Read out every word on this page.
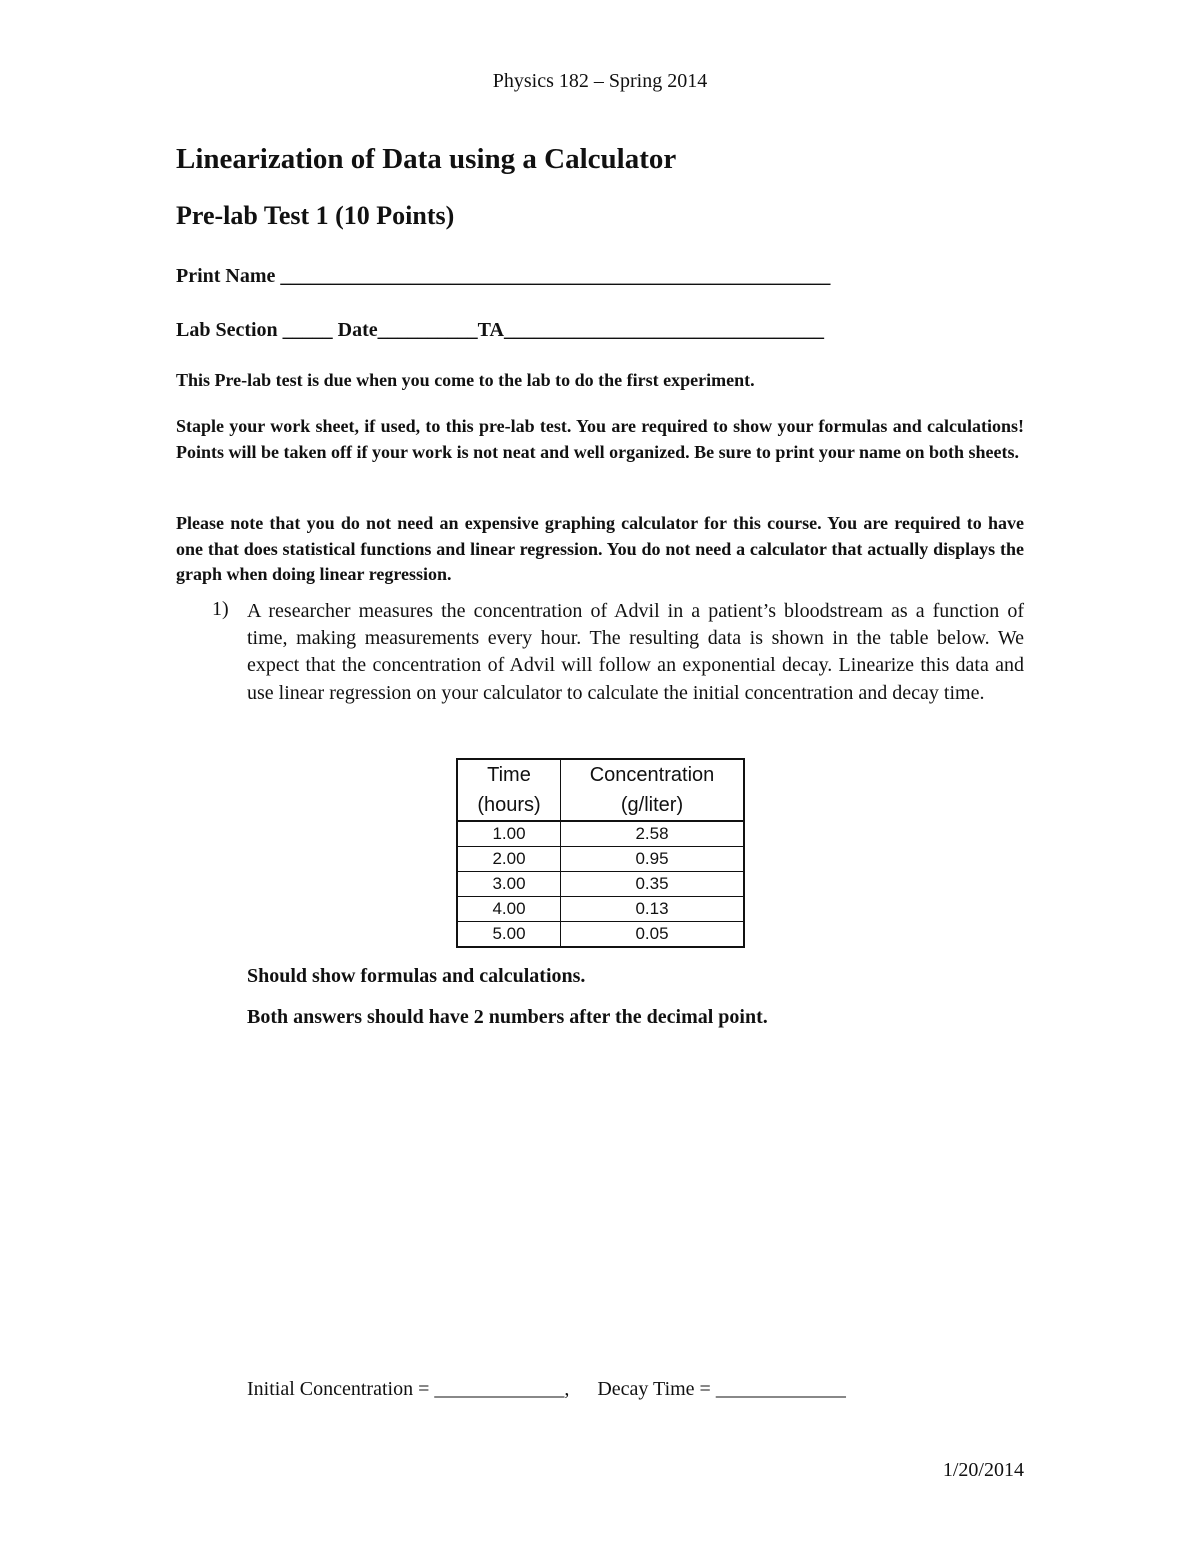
Physics 182 – Spring 2014
Linearization of Data using a Calculator
Pre-lab Test 1 (10 Points)
Print Name _______________________________________________________
Lab Section _____ Date__________TA________________________________
This Pre-lab test is due when you come to the lab to do the first experiment.
Staple your work sheet, if used, to this pre-lab test. You are required to show your formulas and calculations! Points will be taken off if your work is not neat and well organized. Be sure to print your name on both sheets.
Please note that you do not need an expensive graphing calculator for this course. You are required to have one that does statistical functions and linear regression. You do not need a calculator that actually displays the graph when doing linear regression.
1) A researcher measures the concentration of Advil in a patient’s bloodstream as a function of time, making measurements every hour. The resulting data is shown in the table below. We expect that the concentration of Advil will follow an exponential decay. Linearize this data and use linear regression on your calculator to calculate the initial concentration and decay time.
Time	Concentration
(hours)	(g/liter)
1.00	2.58
2.00	0.95
3.00	0.35
4.00	0.13
5.00	0.05
Should show formulas and calculations.
Both answers should have 2 numbers after the decimal point.
Initial Concentration = _____________, Decay Time = _____________
1/20/2014
